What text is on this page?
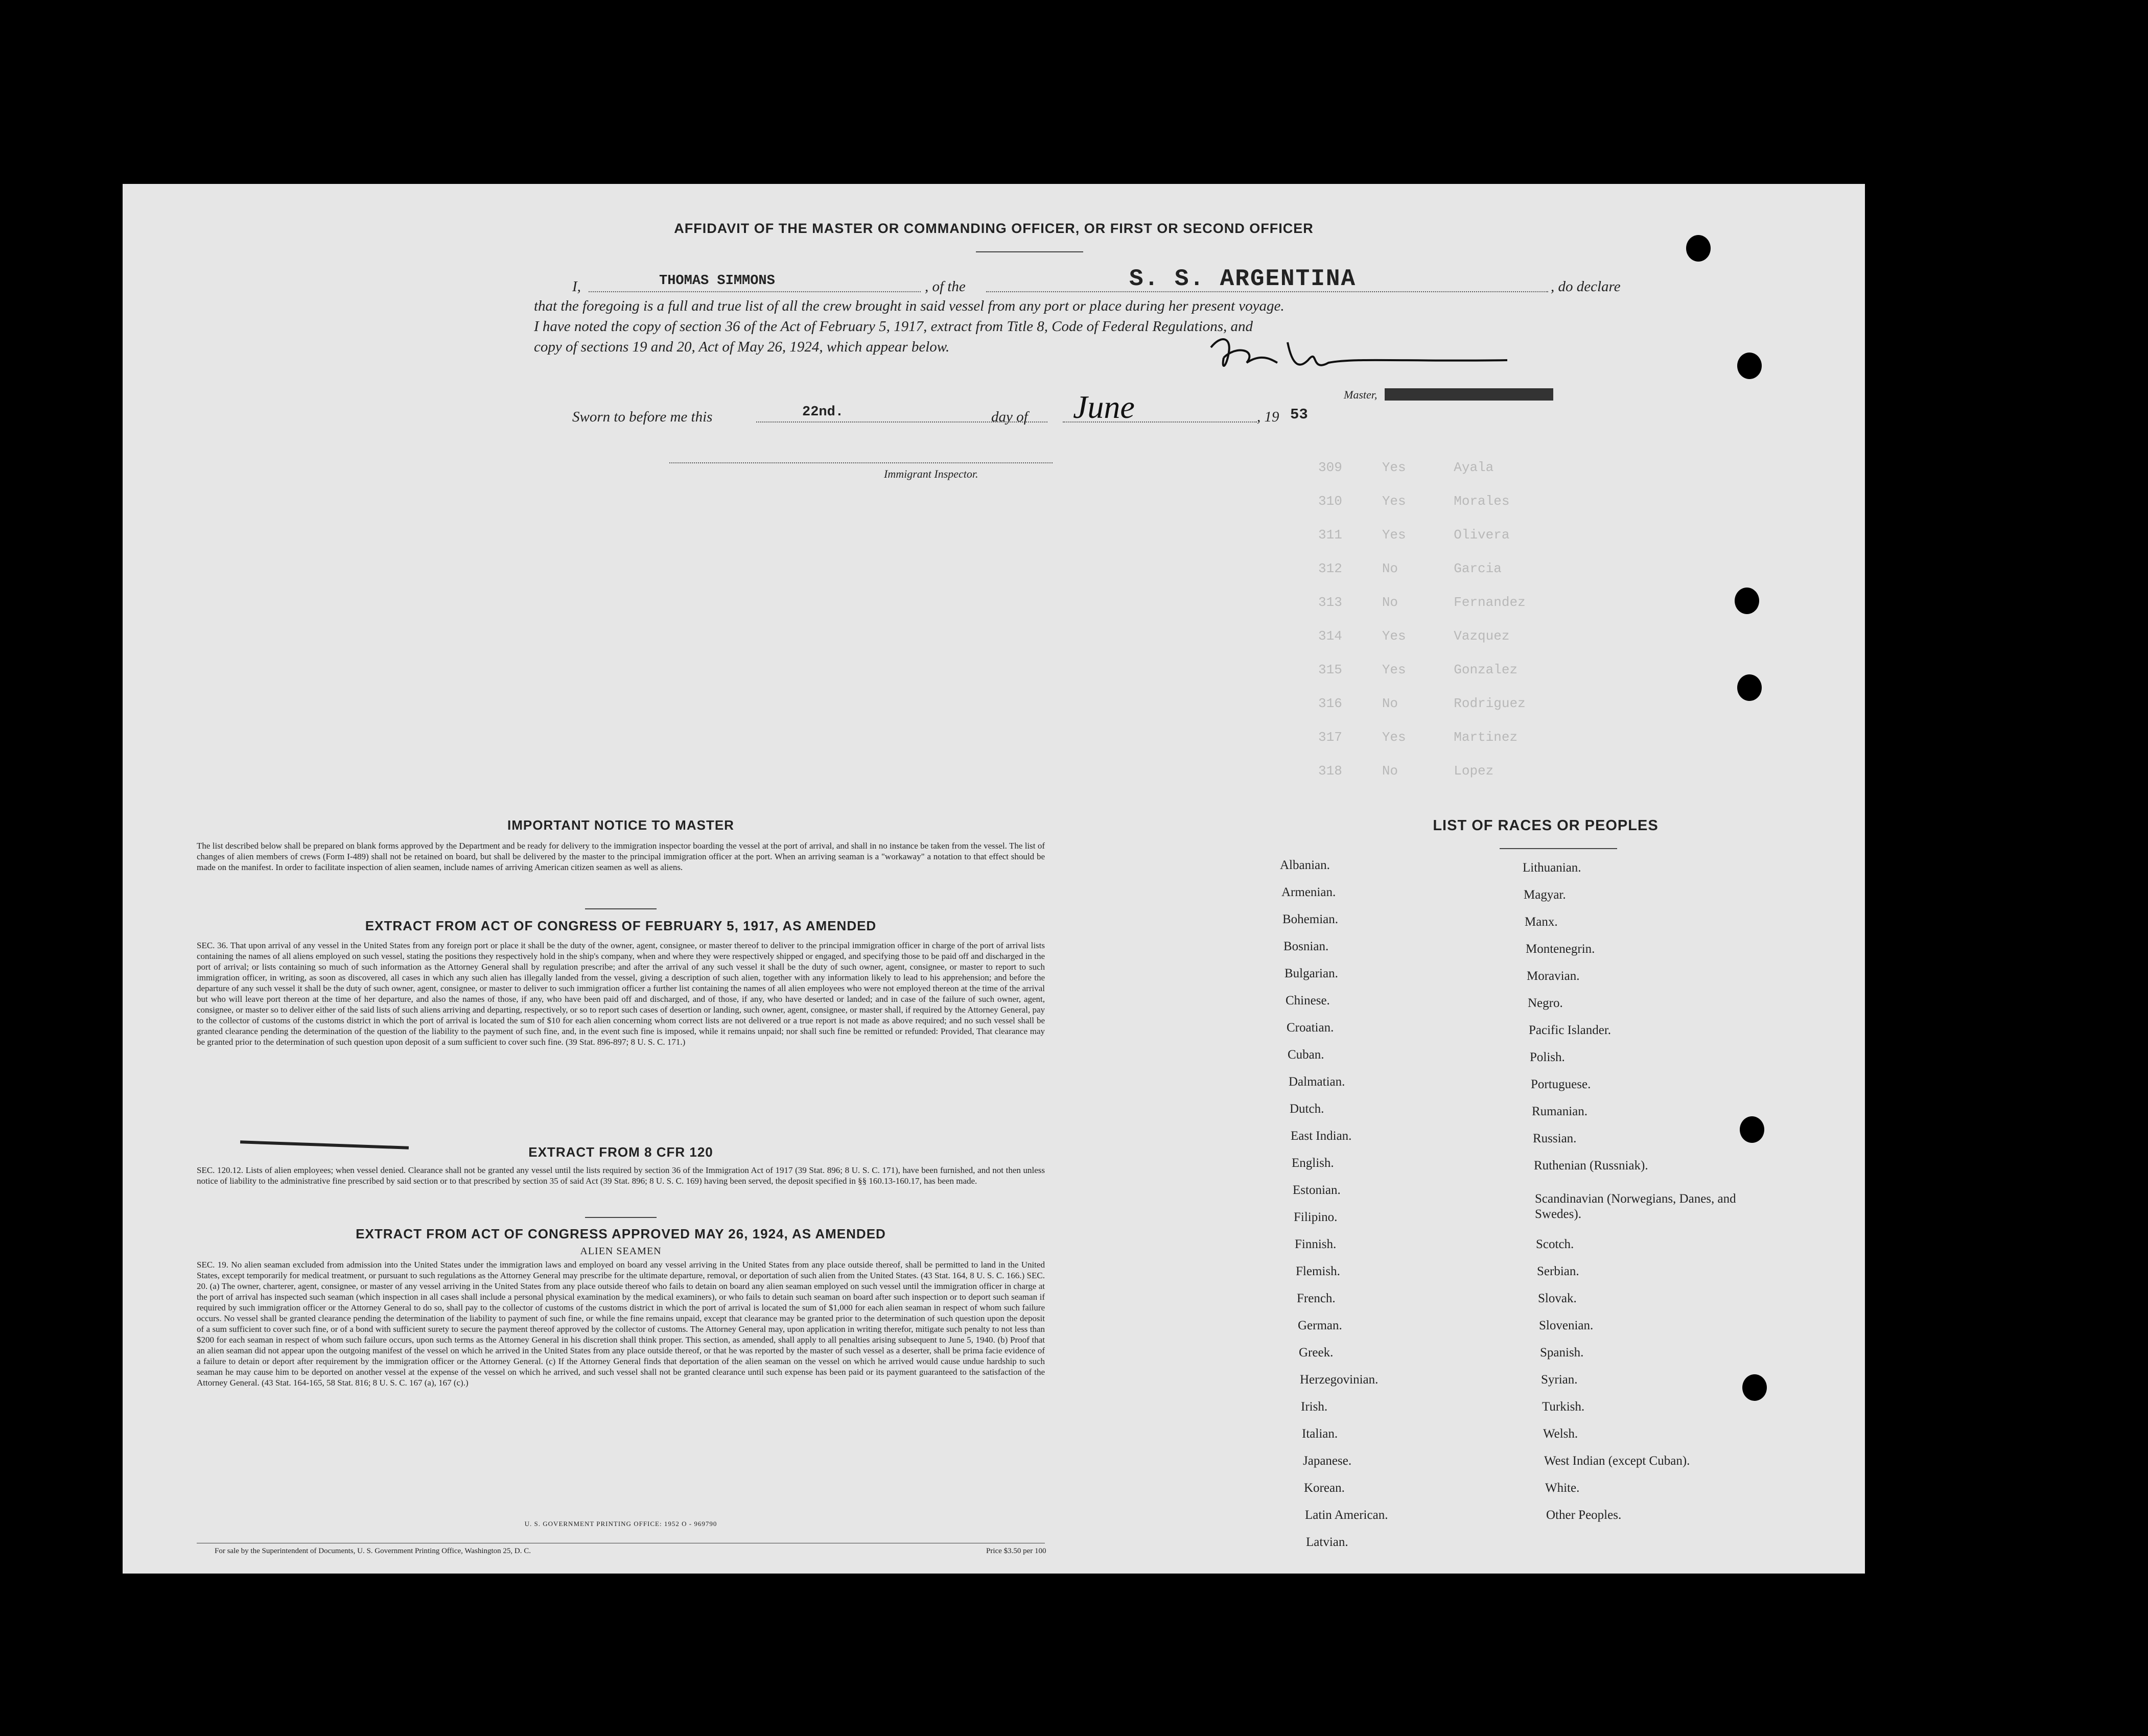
309     Yes      Ayala
310     Yes      Morales
311     Yes      Olivera
312     No       Garcia
313     No       Fernandez
314     Yes      Vazquez
315     Yes      Gonzalez
316     No       Rodriguez
317     Yes      Martinez
318     No       Lopez
AFFIDAVIT OF THE MASTER OR COMMANDING OFFICER, OR FIRST OR SECOND OFFICER
I,	THOMAS SIMMONS	, of the	S. S. ARGENTINA	, do declare
that the foregoing is a full and true list of all the crew brought in said vessel from any port or place during her present voyage.
I have noted the copy of section 36 of the Act of February 5, 1917, extract from Title 8, Code of Federal Regulations, and
copy of sections 19 and 20, Act of May 26, 1924, which appear below.
Master,
Sworn to before me this	22nd.	day of June	, 19 53
Immigrant Inspector.
IMPORTANT NOTICE TO MASTER
The list described below shall be prepared on blank forms approved by the Department and be ready for delivery to the immigration inspector boarding the vessel at the port of arrival, and shall in no instance be taken from the vessel. The list of changes of alien members of crews (Form I-489) shall not be retained on board, but shall be delivered by the master to the principal immigration officer at the port. When an arriving seaman is a "workaway" a notation to that effect should be made on the manifest. In order to facilitate inspection of alien seamen, include names of arriving American citizen seamen as well as aliens.
EXTRACT FROM ACT OF CONGRESS OF FEBRUARY 5, 1917, AS AMENDED
SEC. 36. That upon arrival of any vessel in the United States from any foreign port or place it shall be the duty of the owner, agent, consignee, or master thereof to deliver to the principal immigration officer in charge of the port of arrival lists containing the names of all aliens employed on such vessel, stating the positions they respectively hold in the ship's company, when and where they were respectively shipped or engaged, and specifying those to be paid off and discharged in the port of arrival; or lists containing so much of such information as the Attorney General shall by regulation prescribe; and after the arrival of any such vessel it shall be the duty of such owner, agent, consignee, or master to report to such immigration officer, in writing, as soon as discovered, all cases in which any such alien has illegally landed from the vessel, giving a description of such alien, together with any information likely to lead to his apprehension; and before the departure of any such vessel it shall be the duty of such owner, agent, consignee, or master to deliver to such immigration officer a further list containing the names of all alien employees who were not employed thereon at the time of the arrival but who will leave port thereon at the time of her departure, and also the names of those, if any, who have been paid off and discharged, and of those, if any, who have deserted or landed; and in case of the failure of such owner, agent, consignee, or master so to deliver either of the said lists of such aliens arriving and departing, respectively, or so to report such cases of desertion or landing, such owner, agent, consignee, or master shall, if required by the Attorney General, pay to the collector of customs of the customs district in which the port of arrival is located the sum of $10 for each alien concerning whom correct lists are not delivered or a true report is not made as above required; and no such vessel shall be granted clearance pending the determination of the question of the liability to the payment of such fine, and, in the event such fine is imposed, while it remains unpaid; nor shall such fine be remitted or refunded: Provided, That clearance may be granted prior to the determination of such question upon deposit of a sum sufficient to cover such fine. (39 Stat. 896-897; 8 U. S. C. 171.)
EXTRACT FROM 8 CFR 120
SEC. 120.12. Lists of alien employees; when vessel denied. Clearance shall not be granted any vessel until the lists required by section 36 of the Immigration Act of 1917 (39 Stat. 896; 8 U. S. C. 171), have been furnished, and not then unless notice of liability to the administrative fine prescribed by said section or to that prescribed by section 35 of said Act (39 Stat. 896; 8 U. S. C. 169) having been served, the deposit specified in §§ 160.13-160.17, has been made.
EXTRACT FROM ACT OF CONGRESS APPROVED MAY 26, 1924, AS AMENDED
ALIEN SEAMEN
SEC. 19. No alien seaman excluded from admission into the United States under the immigration laws and employed on board any vessel arriving in the United States from any place outside thereof, shall be permitted to land in the United States, except temporarily for medical treatment, or pursuant to such regulations as the Attorney General may prescribe for the ultimate departure, removal, or deportation of such alien from the United States. (43 Stat. 164, 8 U. S. C. 166.) SEC. 20. (a) The owner, charterer, agent, consignee, or master of any vessel arriving in the United States from any place outside thereof who fails to detain on board any alien seaman employed on such vessel until the immigration officer in charge at the port of arrival has inspected such seaman (which inspection in all cases shall include a personal physical examination by the medical examiners), or who fails to detain such seaman on board after such inspection or to deport such seaman if required by such immigration officer or the Attorney General to do so, shall pay to the collector of customs of the customs district in which the port of arrival is located the sum of $1,000 for each alien seaman in respect of whom such failure occurs. No vessel shall be granted clearance pending the determination of the liability to payment of such fine, or while the fine remains unpaid, except that clearance may be granted prior to the determination of such question upon the deposit of a sum sufficient to cover such fine, or of a bond with sufficient surety to secure the payment thereof approved by the collector of customs. The Attorney General may, upon application in writing therefor, mitigate such penalty to not less than $200 for each seaman in respect of whom such failure occurs, upon such terms as the Attorney General in his discretion shall think proper. This section, as amended, shall apply to all penalties arising subsequent to June 5, 1940. (b) Proof that an alien seaman did not appear upon the outgoing manifest of the vessel on which he arrived in the United States from any place outside thereof, or that he was reported by the master of such vessel as a deserter, shall be prima facie evidence of a failure to detain or deport after requirement by the immigration officer or the Attorney General. (c) If the Attorney General finds that deportation of the alien seaman on the vessel on which he arrived would cause undue hardship to such seaman he may cause him to be deported on another vessel at the expense of the vessel on which he arrived, and such vessel shall not be granted clearance until such expense has been paid or its payment guaranteed to the satisfaction of the Attorney General. (43 Stat. 164-165, 58 Stat. 816; 8 U. S. C. 167 (a), 167 (c).)
U. S. GOVERNMENT PRINTING OFFICE: 1952 O - 969790
For sale by the Superintendent of Documents, U. S. Government Printing Office, Washington 25, D. C.	Price $3.50 per 100
LIST OF RACES OR PEOPLES
Albanian.
Armenian.
Bohemian.
Bosnian.
Bulgarian.
Chinese.
Croatian.
Cuban.
Dalmatian.
Dutch.
East Indian.
English.
Estonian.
Filipino.
Finnish.
Flemish.
French.
German.
Greek.
Herzegovinian.
Irish.
Italian.
Japanese.
Korean.
Latin American.
Latvian.
Lithuanian.
Magyar.
Manx.
Montenegrin.
Moravian.
Negro.
Pacific Islander.
Polish.
Portuguese.
Rumanian.
Russian.
Ruthenian (Russniak).
Scandinavian (Norwegians, Danes, and Swedes).
Scotch.
Serbian.
Slovak.
Slovenian.
Spanish.
Syrian.
Turkish.
Welsh.
West Indian (except Cuban).
White.
Other Peoples.
